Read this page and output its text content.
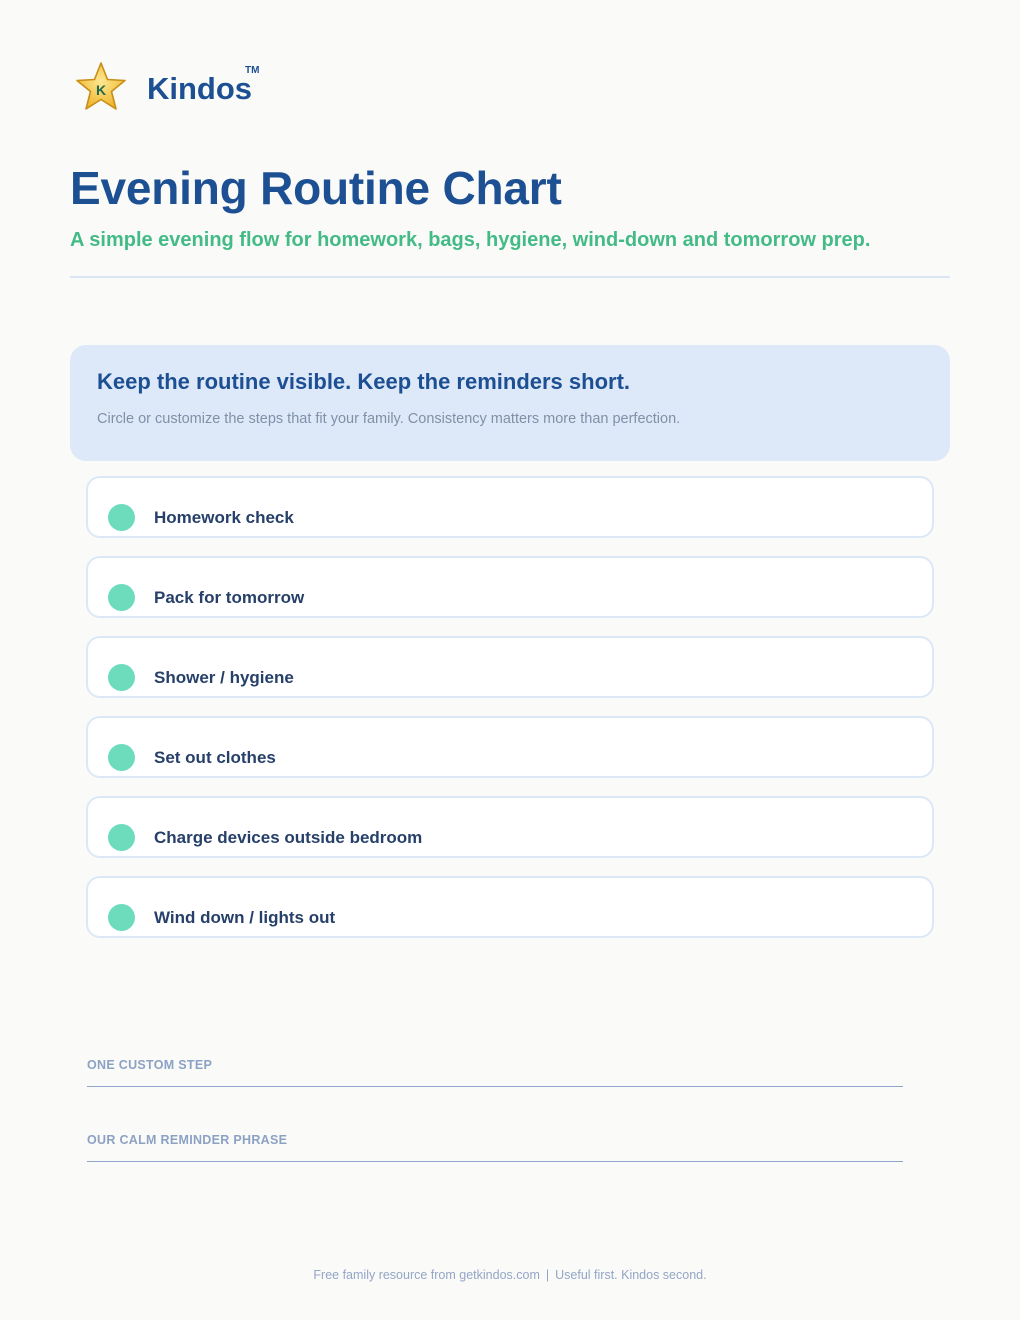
K Kindos
TM
Evening Routine Chart

A simple evening flow for homework, bags, hygiene, wind-down and tomorrow prep.

Keep the routine visible. Keep the reminders short.

Circle or customize the steps that fit your family. Consistency matters more than perfection.

Homework check
Pack for tomorrow
Shower / hygiene
Set out clothes
Charge devices outside bedroom
Wind down / lights out
ONE CUSTOM STEP
OUR CALM REMINDER PHRASE
Free family resource from getkindos.com | Useful first. Kindos second.
